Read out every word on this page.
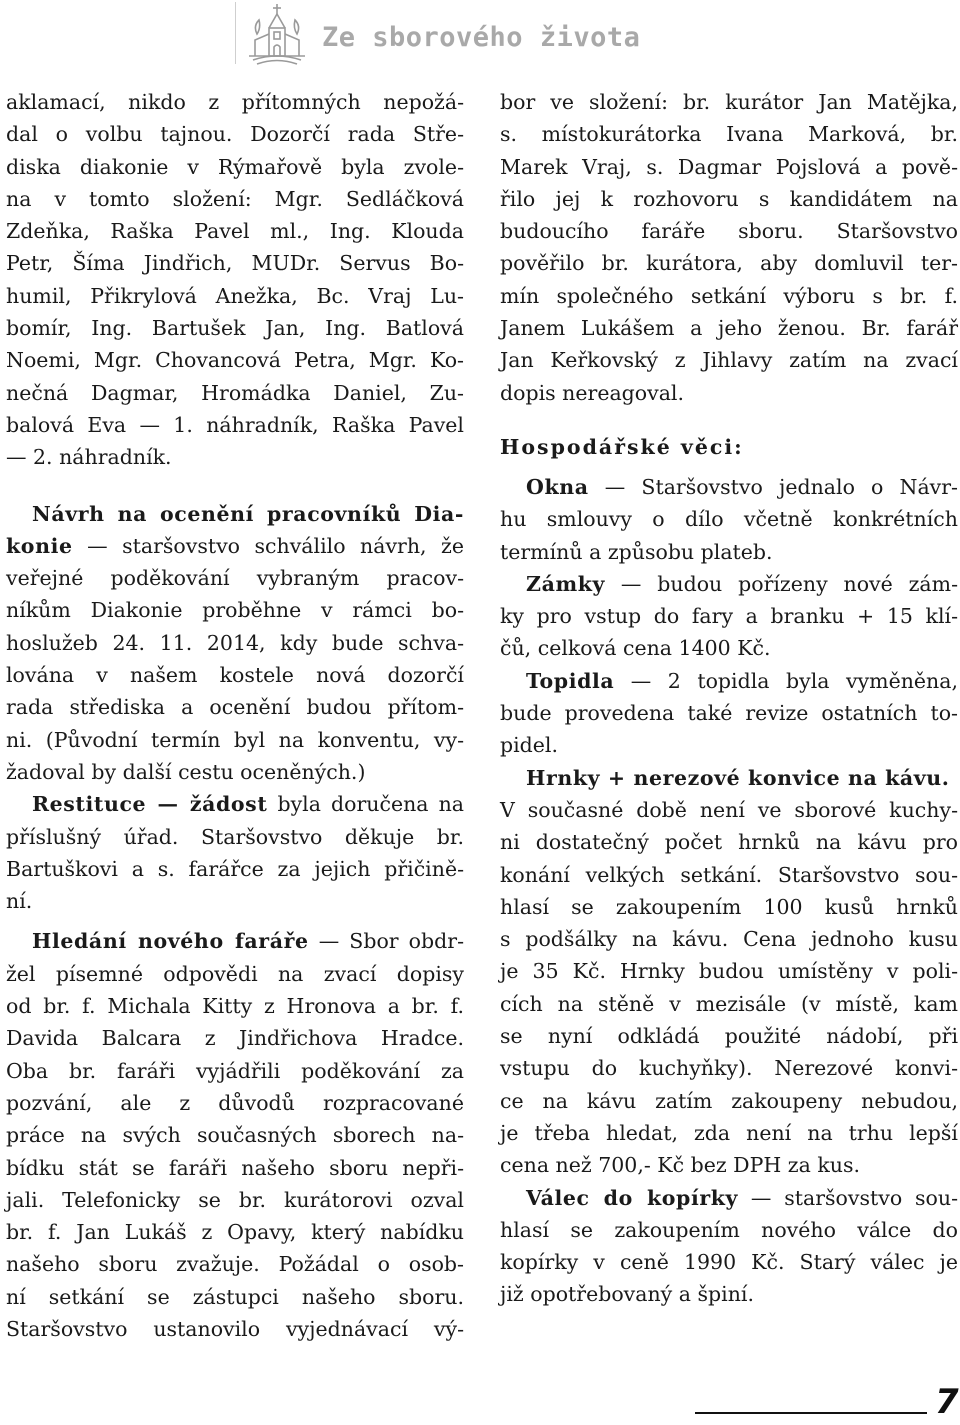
Ze sborového života
aklamací, nikdo z přítomných nepožá-
dal o volbu tajnou. Dozorčí rada Stře-
diska diakonie v Rýmařově byla zvole-
na v tomto složení: Mgr. Sedláčková
Zdeňka, Raška Pavel ml., Ing. Klouda
Petr, Šíma Jindřich, MUDr. Servus Bo-
humil, Přikrylová Anežka, Bc. Vraj Lu-
bomír, Ing. Bartušek Jan, Ing. Batlová
Noemi, Mgr. Chovancová Petra, Mgr. Ko-
nečná Dagmar, Hromádka Daniel, Zu-
balová Eva — 1. náhradník, Raška Pavel
— 2. náhradník.
Návrh na ocenění pracovníků Dia-
konie — staršovstvo schválilo návrh, že
veřejné poděkování vybraným pracov-
níkům Diakonie proběhne v rámci bo-
hoslužeb 24. 11. 2014, kdy bude schva-
lována v našem kostele nová dozorčí
rada střediska a ocenění budou přítom-
ni. (Původní termín byl na konventu, vy-
žadoval by další cestu oceněných.)
Restituce — žádost byla doručena na
příslušný úřad. Staršovstvo děkuje br.
Bartuškovi a s. farářce za jejich přičině-
ní.
Hledání nového faráře — Sbor obdr-
žel písemné odpovědi na zvací dopisy
od br. f. Michala Kitty z Hronova a br. f.
Davida Balcara z Jindřichova Hradce.
Oba br. faráři vyjádřili poděkování za
pozvání, ale z důvodů rozpracované
práce na svých současných sborech na-
bídku stát se faráři našeho sboru nepři-
jali. Telefonicky se br. kurátorovi ozval
br. f. Jan Lukáš z Opavy, který nabídku
našeho sboru zvažuje. Požádal o osob-
ní setkání se zástupci našeho sboru.
Staršovstvo ustanovilo vyjednávací vý-
bor ve složení: br. kurátor Jan Matějka,
s. místokurátorka Ivana Marková, br.
Marek Vraj, s. Dagmar Pojslová a pově-
řilo jej k rozhovoru s kandidátem na
budoucího faráře sboru. Staršovstvo
pověřilo br. kurátora, aby domluvil ter-
mín společného setkání výboru s br. f.
Janem Lukášem a jeho ženou. Br. farář
Jan Keřkovský z Jihlavy zatím na zvací
dopis nereagoval.
Hospodářské věci:
Okna — Staršovstvo jednalo o Návr-
hu smlouvy o dílo včetně konkrétních
termínů a způsobu plateb.
Zámky — budou pořízeny nové zám-
ky pro vstup do fary a branku + 15 klí-
čů, celková cena 1400 Kč.
Topidla — 2 topidla byla vyměněna,
bude provedena také revize ostatních to-
pidel.
Hrnky + nerezové konvice na kávu.
V současné době není ve sborové kuchy-
ni dostatečný počet hrnků na kávu pro
konání velkých setkání. Staršovstvo sou-
hlasí se zakoupením 100 kusů hrnků
s podšálky na kávu. Cena jednoho kusu
je 35 Kč. Hrnky budou umístěny v poli-
cích na stěně v mezisále (v místě, kam
se nyní odkládá použité nádobí, při
vstupu do kuchyňky). Nerezové konvi-
ce na kávu zatím zakoupeny nebudou,
je třeba hledat, zda není na trhu lepší
cena než 700,- Kč bez DPH za kus.
Válec do kopírky — staršovstvo sou-
hlasí se zakoupením nového válce do
kopírky v ceně 1990 Kč. Starý válec je
již opotřebovaný a špiní.
7
